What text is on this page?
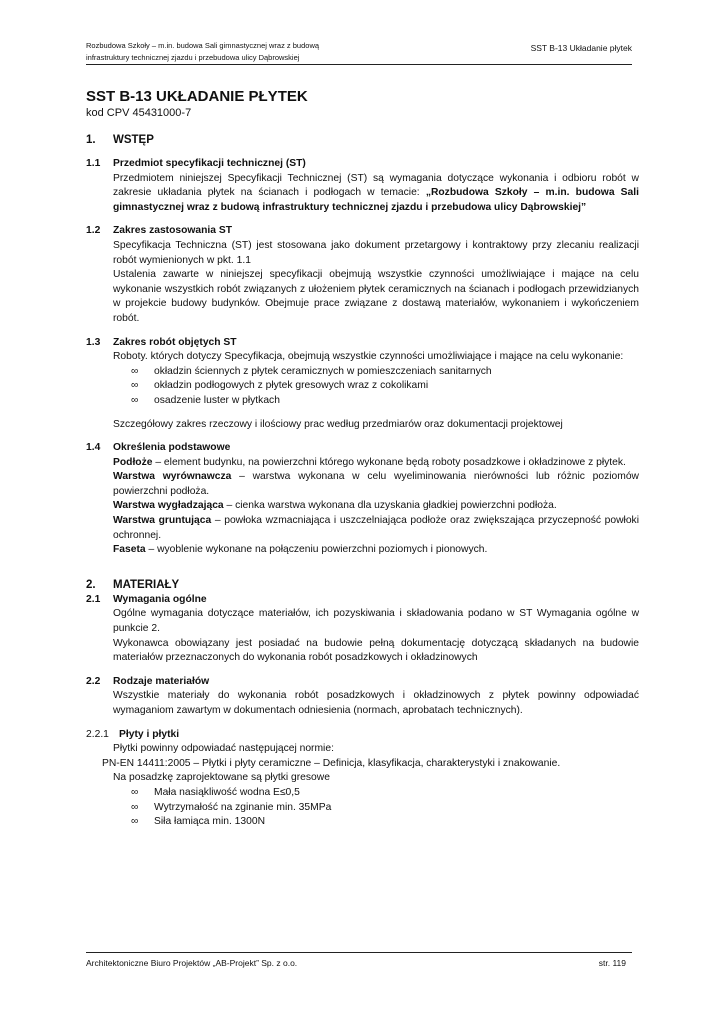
Rozbudowa Szkoły – m.in. budowa Sali gimnastycznej wraz z budową
infrastruktury technicznej zjazdu i przebudowa ulicy Dąbrowskiej
SST B-13 Układanie płytek
SST B-13 UKŁADANIE PŁYTEK
kod CPV 45431000-7
1.	WSTĘP
1.1	Przedmiot specyfikacji technicznej (ST)
Przedmiotem niniejszej Specyfikacji Technicznej (ST) są wymagania dotyczące wykonania i odbioru robót w zakresie układania płytek na ścianach i podłogach w temacie: „Rozbudowa Szkoły – m.in. budowa Sali gimnastycznej wraz z budową infrastruktury technicznej zjazdu i przebudowa ulicy Dąbrowskiej”
1.2	Zakres zastosowania ST
Specyfikacja Techniczna (ST) jest stosowana jako dokument przetargowy i kontraktowy przy zlecaniu realizacji robót wymienionych w pkt. 1.1
Ustalenia zawarte w niniejszej specyfikacji obejmują wszystkie czynności umożliwiające i mające na celu wykonanie wszystkich robót związanych z ułożeniem płytek ceramicznych na ścianach i podłogach przewidzianych w projekcie budowy budynków. Obejmuje prace związane z dostawą materiałów, wykonaniem i wykończeniem robót.
1.3	Zakres robót objętych ST
Roboty. których dotyczy Specyfikacja, obejmują wszystkie czynności umożliwiające i mające na celu wykonanie:
∞	okładzin ściennych z płytek ceramicznych w pomieszczeniach sanitarnych
∞	okładzin podłogowych z płytek gresowych wraz z cokolikami
∞	osadzenie luster w płytkach
Szczegółowy zakres rzeczowy i ilościowy prac według przedmiarów oraz dokumentacji projektowej
1.4	Określenia podstawowe
Podłoże – element budynku, na powierzchni którego wykonane będą roboty posadzkowe i okładzinowe z płytek.
Warstwa wyrównawcza – warstwa wykonana w celu wyeliminowania nierówności lub różnic poziomów powierzchni podłoża.
Warstwa wygładzająca – cienka warstwa wykonana dla uzyskania gładkiej powierzchni podłoża.
Warstwa gruntująca – powłoka wzmacniająca i uszczelniająca podłoże oraz zwiększająca przyczepność powłoki ochronnej.
Faseta – wyoblenie wykonane na połączeniu powierzchni poziomych i pionowych.
2.	MATERIAŁY
2.1	Wymagania ogólne
Ogólne wymagania dotyczące materiałów, ich pozyskiwania i składowania podano w ST Wymagania ogólne w punkcie 2.
Wykonawca obowiązany jest posiadać na budowie pełną dokumentację dotyczącą składanych na budowie materiałów przeznaczonych do wykonania robót posadzkowych i okładzinowych
2.2	Rodzaje materiałów
Wszystkie materiały do wykonania robót posadzkowych i okładzinowych z płytek powinny odpowiadać wymaganiom zawartym w dokumentach odniesienia (normach, aprobatach technicznych).
2.2.1 Płyty i płytki
Płytki powinny odpowiadać następującej normie:
PN-EN 14411:2005 – Płytki i płyty ceramiczne – Definicja, klasyfikacja, charakterystyki i znakowanie.
Na posadzkę zaprojektowane są płytki gresowe
∞	Mała nasiąkliwość wodna E≤0,5
∞	Wytrzymałość na zginanie min. 35MPa
∞	Siła łamiąca min. 1300N
Architektoniczne Biuro Projektów „AB-Projekt” Sp. z o.o.	str. 119
